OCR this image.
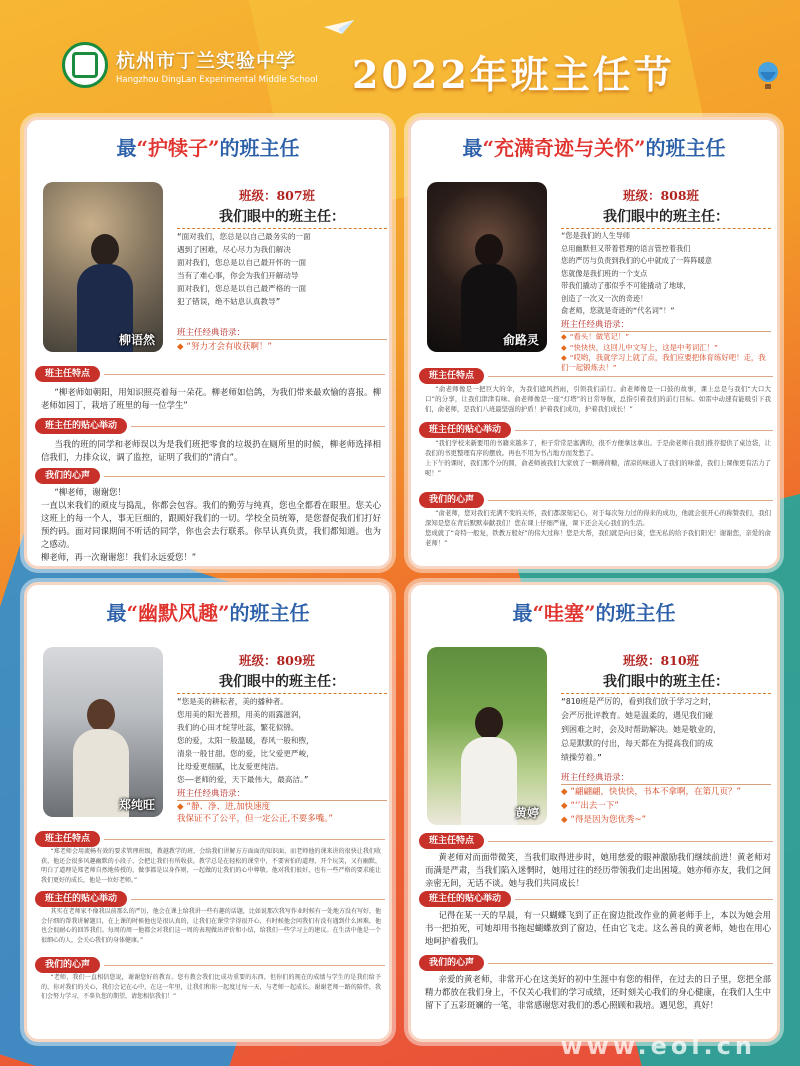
杭州市丁兰实验中学
Hangzhou DingLan Experimental Middle School 2022年班主任节
最“护犊子”的班主任
柳语然
班级：807班
我们眼中的班主任：
“面对我们，您总是以自己最务实的一面
遇到了困难，尽心尽力为我们解决
面对我们，您总是以自己最开怀的一面
当有了难心事，你会为我们开解动导
面对我们，您总是以自己最严格的一面
犯了错误，绝不姑息认真教导”
班主任经典语录：
◆ “努力才会有收获啊！”
班主任特点
“柳老师如朝阳，用知识照亮着每一朵花。柳老师如信鸽，为我们带来最欢愉的喜报。柳老师如园丁，栽培了班里的每一位学生”
班主任的贴心举动
当我的班的同学和老师误以为是我们班把零食的垃圾扔在厕所里的时候，柳老师选择相信我们，力排众议，调了监控，证明了我们的“清白”。
我们的心声
“柳老师，谢谢您！
一直以来我们的顽皮与捣乱，你都会包容。我们的勤劳与纯真，您也全都看在眼里。您关心这班上的每一个人，事无巨细的，跟顾好我们的一切。学校全员统筹，是您督促我们们打好预约码。面对同课期间不听话的同学，你也会去行联系。你早认真负责，我们都知道。也为之感动。
柳老师，再一次谢谢您！我们永远爱您！”
最“充满奇迹与关怀”的班主任
俞路灵
班级：808班
我们眼中的班主任：
“您是我们的人生导师
总用幽默但又带着哲理的语言管控着我们
您的严厉与负责到我们的心中就成了一阵阵暖意
您就像是我们班的一个支点
带我们撬动了那似乎不可能撬动了地球，
创造了一次又一次的奇迹！
俞老师，您就是奇迹的“代名词”！”
班主任经典语录：
◆ “看头！做笔记！”
◆ “快快快，这回儿中文写上，这是中考词汇！”
◆ “哎哟，我就学习上就了点，我们应要把体育练好吧！走，我们一起锻炼去！”
班主任特点
“俞老师像是一把巨大的伞，为我们遮风挡雨，引领我们前行。俞老师像是一口鼓的故事，课上总是与我们“大口大口”的分享，让我们津津有味。俞老师像是一座“灯塔”的日常导航，总指引着我们的前行目标。如雷中动速有能吸引下我们，俞老师，是我们八班最坚强的护盾！护着我们成功，护着我们成长！”
班主任的贴心举动
“我们学校来新要用的书籍来越多了，柜子常常是塞满的，很不方便拿这拿出。于是俞老师自我们推荐提供了桌边袋，让我们的书更整理有序的摆放。再也不用为书占地方而发愁了。
上下午的课时，我们那个分的圆，俞老师被我们大家放了一颗薄荷糖，清凉的味道入了我们的味蕾，我们上课像更有活力了呢！”
我们的心声
“俞老师，您对我们充满不变的关怀，我们都深刻记心，对于每次努力过的得来的成功，他就会很开心的称赞我们，我们深知是您在背后默默奉献我们！您在课上仔细严谨，课下还会关心我们的生活。
您成就了“奇特一般复，铁教万般好”的伟大过称！您是大帮，我们就是向日葵，您无私的给予我们阳光！谢谢您，亲爱的俞老师！”
最“幽默风趣”的班主任
郑纯旺
班级：809班
我们眼中的班主任：
“您是美的耕耘者，美的播种者。
您用美的阳光普照，用美的雨露滋润，
我们的心田才绽芽吐蕊，繁花似锦。
您的爱，太阳一般温暖，春风一般和煦，
清泉一般甘甜。您的爱，比父爱更严峻，
比母爱更细腻，比友爱更纯洁。
您——老师的爱，天下最伟大，最高洁。”
班主任经典语录：
◆ “静、净、进,加快速度
我保证不了公平，但一定公正,不要多嘴。”
班主任特点
“郑老师会用流畅有效的要求管理班级，教越教学的班，会给我们讲解方方面面的知识面，而老师他的课来讲的很快让我们收获，他还会很多风趣幽默的小段子，会把让我们有所收获。教学总是在轻松的课堂中，不要害怕的道理，开个玩笑，又有幽默，明白了道理是郑老师自然地传授的，做事都是以身作则，一起做的让我们的心中尊敬。他对我们很好，也有一些严格的要求能让我们更好的成长，他是一位好老师。”
班主任的贴心举动
其实在老师家不像我以前那么的严厉，他会在课上给我讲一些有趣的话题，比如说那次我写作业时候有一处地方没有写好，他会仔细的帮我讲解题目，在上课的时候他也是很认真的，让我们在课堂学得很开心，有时候他会问我们有没有遇到什么困难，他也会很耐心的回答我们。每周的周一他都会对我们这一周的表现做出评价和小结，给我们一些学习上的建议。在生活中他是一个很细心的人，会关心我们的身体健康。”
我们的心声
“老师，我们一直相信您说，谢谢您好的教育。您有教会我们比成功重要的东西，但你们的现在的成绩与学生的是我们给予的，你对我们的关心，我们会记在心中，在这一年里，让我们和你一起度过每一天，与老师一起成长。谢谢老师一路的陪伴，我们会努力学习，不辜负您的期望，请您相信我们！”
最“哇塞”的班主任
黄婷
班级：810班
我们眼中的班主任：
“810班是严厉的，看到我们放于学习之时，
会严厉批评教育。她是温柔的，遇见我们碰
到困难之时，会及时帮助解决。她是敬业的，
总是默默的付出，每天都在为提高我们的成
绩操劳着。”
班主任经典语录：
◆ “翩翩翩，快快快，书本不拿啊，在第几页？”
◆ “‘’出去一下”
◆ “得是因为您优秀~”
班主任特点
黄老师对而面带微笑，当我们取得进步时，她用慈爱的眼神激励我们继续前进！黄老师对而满是严肃，当我们陷入迷惘时，她用过往的经历带领我们走出困境。她亦师亦友，我们之间亲密无间，无话不谈。她与我们共同成长！
班主任的贴心举动
记得在某一天的早晨，有一只蝴蝶飞到了正在窗边批改作业的黄老师手上，本以为她会用书一把拍死，可她却用书拖起蝴蝶放到了窗边，任由它飞走。这么善良的黄老师，她也在用心地呵护着我们。
我们的心声
亲爱的黄老师，非常开心在这美好的初中生涯中有您的相伴，在过去的日子里，您把全部精力都放在我们身上，不仅关心我们的学习成绩，还时刻关心我们的身心健康，在我们人生中留下了五彩斑斓的一笔，非常感谢您对我们的悉心照顾和栽培。遇见您，真好！
www.eol.cn
